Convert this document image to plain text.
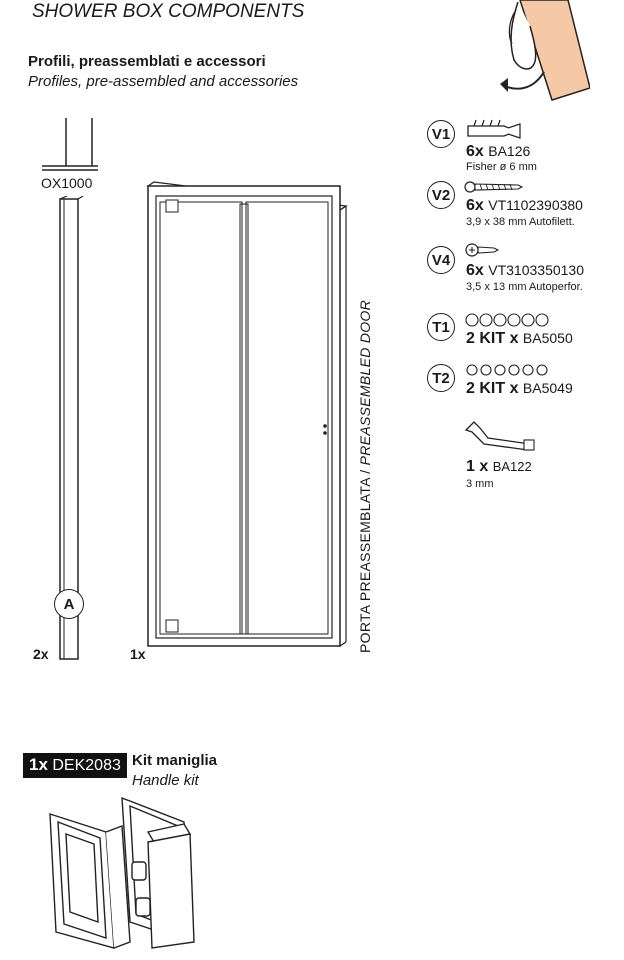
SHOWER BOX COMPONENTS
Profili, preassemblati e accessori
Profiles, pre-assembled and accessories
OX1000
A
2x	1x
PORTA PREASSEMBLATA / PREASSEMBLED DOOR
V1
6x BA126
Fisher ø 6 mm
V2
6x VT1102390380
3,9 x 38 mm Autofilett.
V4
6x VT3103350130
3,5 x 13 mm Autoperfor.
T1
2 KIT x BA5050
T2
2 KIT x BA5049
1 x BA122
3 mm
1x DEK2083 Kit maniglia
Handle kit
